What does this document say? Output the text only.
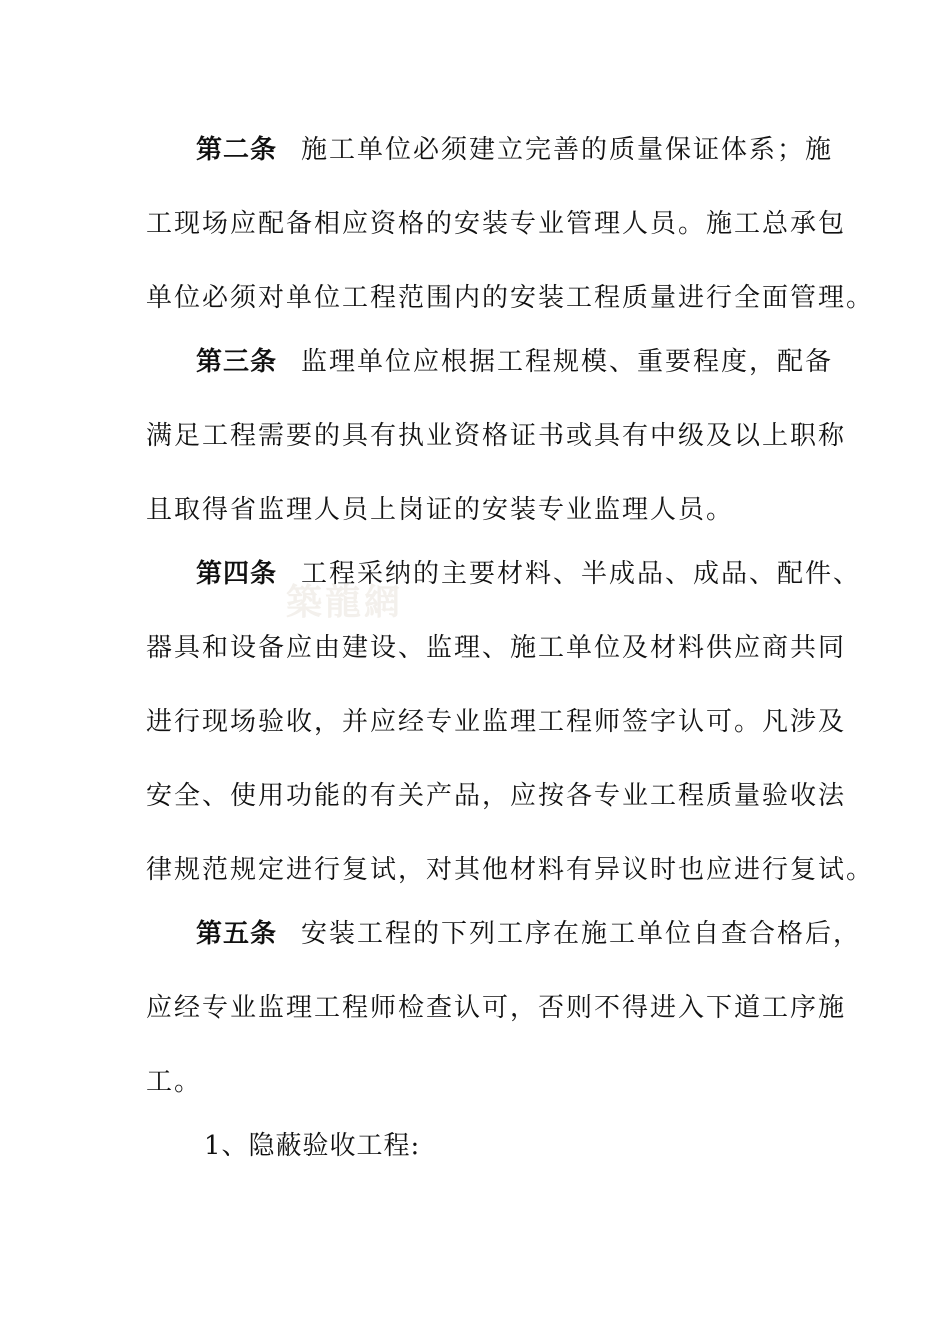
築龍網
第二条 施工单位必须建立完善的质量保证体系；施
工现场应配备相应资格的安装专业管理人员。施工总承包
单位必须对单位工程范围内的安装工程质量进行全面管理。
第三条 监理单位应根据工程规模、重要程度，配备
满足工程需要的具有执业资格证书或具有中级及以上职称
且取得省监理人员上岗证的安装专业监理人员。
第四条 工程采纳的主要材料、半成品、成品、配件、
器具和设备应由建设、监理、施工单位及材料供应商共同
进行现场验收，并应经专业监理工程师签字认可。凡涉及
安全、使用功能的有关产品，应按各专业工程质量验收法
律规范规定进行复试，对其他材料有异议时也应进行复试。
第五条 安装工程的下列工序在施工单位自查合格后，
应经专业监理工程师检查认可，否则不得进入下道工序施
工。
1、隐蔽验收工程:
